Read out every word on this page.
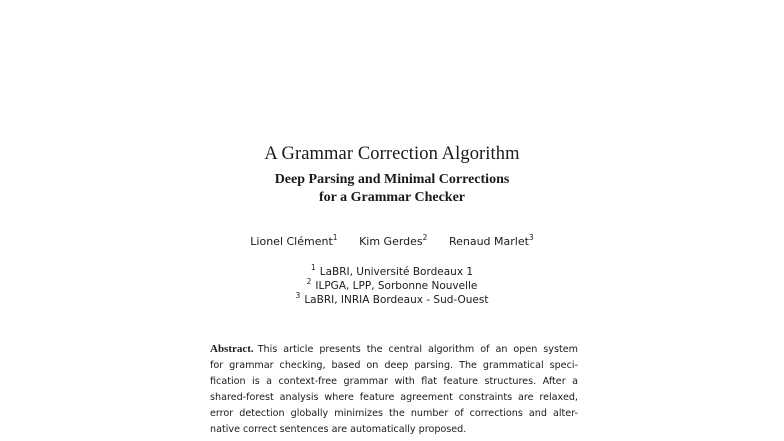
A Grammar Correction Algorithm
Deep Parsing and Minimal Corrections
for a Grammar Checker
Lionel Clément$^1$ Kim Gerdes$^2$ Renaud Marlet$^3$
$^1$ LaBRI, Université Bordeaux 1
$^2$ ILPGA, LPP, Sorbonne Nouvelle
$^3$ LaBRI, INRIA Bordeaux - Sud-Ouest
Abstract. This article presents the central algorithm of an open system
for grammar checking, based on deep parsing. The grammatical speci-
fication is a context-free grammar with flat feature structures. After a
shared-forest analysis where feature agreement constraints are relaxed,
error detection globally minimizes the number of corrections and alter-
native correct sentences are automatically proposed.
